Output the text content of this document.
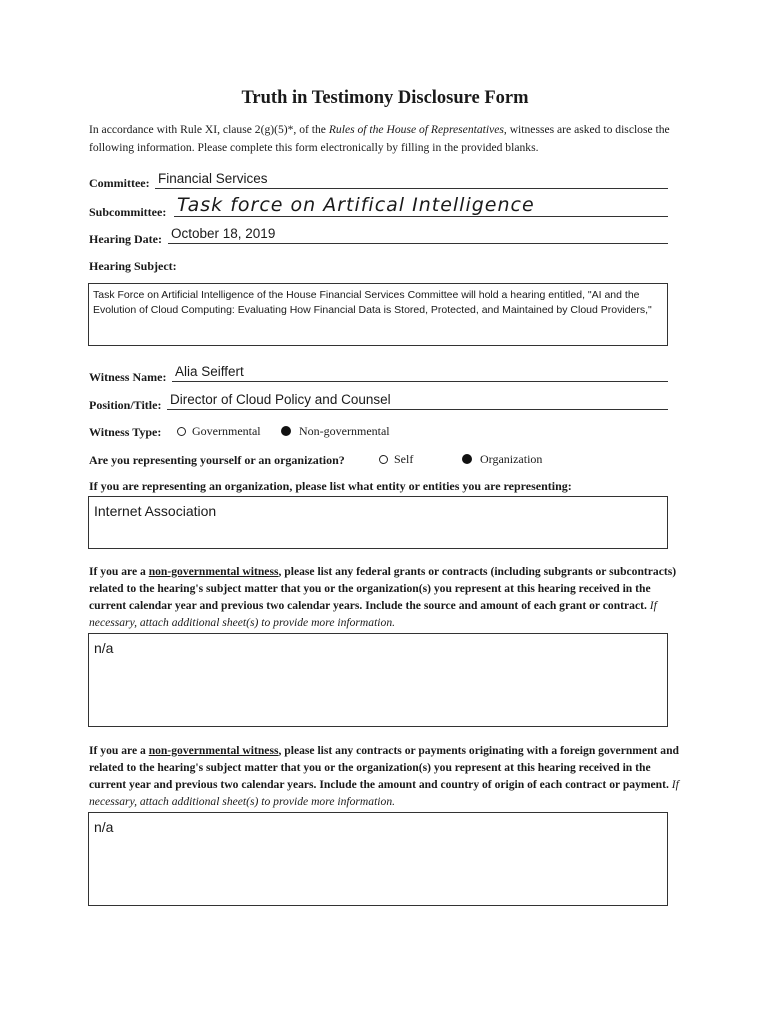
Truth in Testimony Disclosure Form
In accordance with Rule XI, clause 2(g)(5)*, of the Rules of the House of Representatives, witnesses are asked to disclose the following information. Please complete this form electronically by filling in the provided blanks.
Committee: Financial Services
Subcommittee: Task force on Artifical Intelligence
Hearing Date: October 18, 2019
Hearing Subject:
Task Force on Artificial Intelligence of the House Financial Services Committee will hold a hearing entitled, "AI and the Evolution of Cloud Computing: Evaluating How Financial Data is Stored, Protected, and Maintained by Cloud Providers,"
Witness Name: Alia Seiffert
Position/Title: Director of Cloud Policy and Counsel
Witness Type:	Governmental	Non-governmental
Are you representing yourself or an organization?	Self	Organization
If you are representing an organization, please list what entity or entities you are representing:
Internet Association
If you are a non-governmental witness, please list any federal grants or contracts (including subgrants or subcontracts) related to the hearing's subject matter that you or the organization(s) you represent at this hearing received in the current calendar year and previous two calendar years. Include the source and amount of each grant or contract. If necessary, attach additional sheet(s) to provide more information.
n/a
If you are a non-governmental witness, please list any contracts or payments originating with a foreign government and related to the hearing's subject matter that you or the organization(s) you represent at this hearing received in the current year and previous two calendar years. Include the amount and country of origin of each contract or payment. If necessary, attach additional sheet(s) to provide more information.
n/a
